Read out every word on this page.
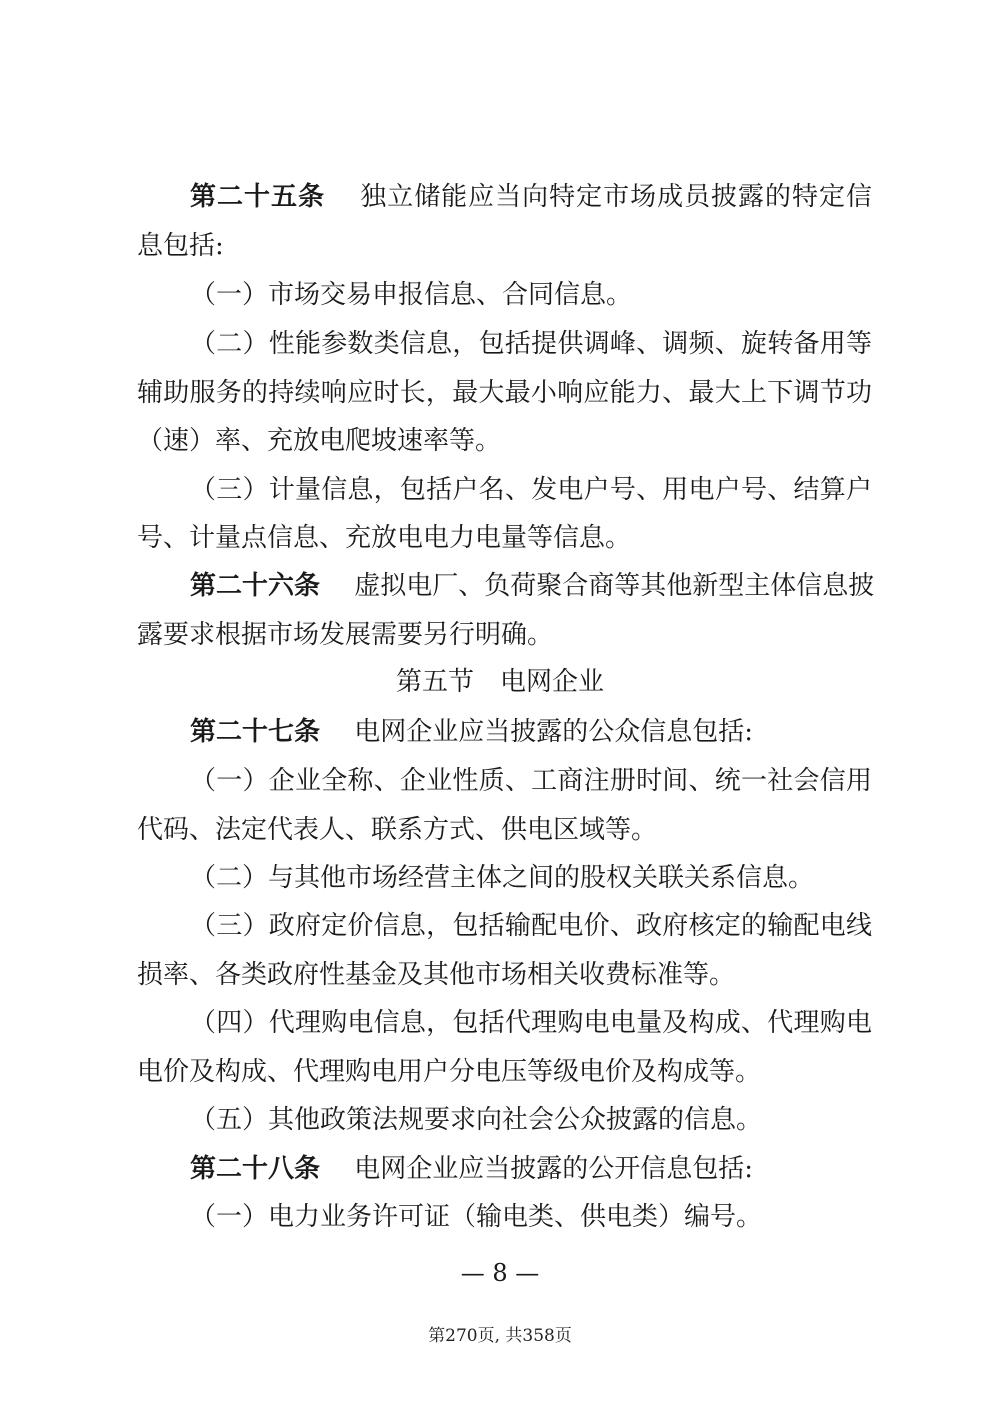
第二十五条 独立储能应当向特定市场成员披露的特定信
息包括:
（一）市场交易申报信息、合同信息。
（二）性能参数类信息，包括提供调峰、调频、旋转备用等
辅助服务的持续响应时长，最大最小响应能力、最大上下调节功
（速）率、充放电爬坡速率等。
（三）计量信息，包括户名、发电户号、用电户号、结算户
号、计量点信息、充放电电力电量等信息。
第二十六条 虚拟电厂、负荷聚合商等其他新型主体信息披
露要求根据市场发展需要另行明确。
第五节 电网企业
第二十七条 电网企业应当披露的公众信息包括:
（一）企业全称、企业性质、工商注册时间、统一社会信用
代码、法定代表人、联系方式、供电区域等。
（二）与其他市场经营主体之间的股权关联关系信息。
（三）政府定价信息，包括输配电价、政府核定的输配电线
损率、各类政府性基金及其他市场相关收费标准等。
（四）代理购电信息，包括代理购电电量及构成、代理购电
电价及构成、代理购电用户分电压等级电价及构成等。
（五）其他政策法规要求向社会公众披露的信息。
第二十八条 电网企业应当披露的公开信息包括:
（一）电力业务许可证（输电类、供电类）编号。
— 8 —
第270页, 共358页
